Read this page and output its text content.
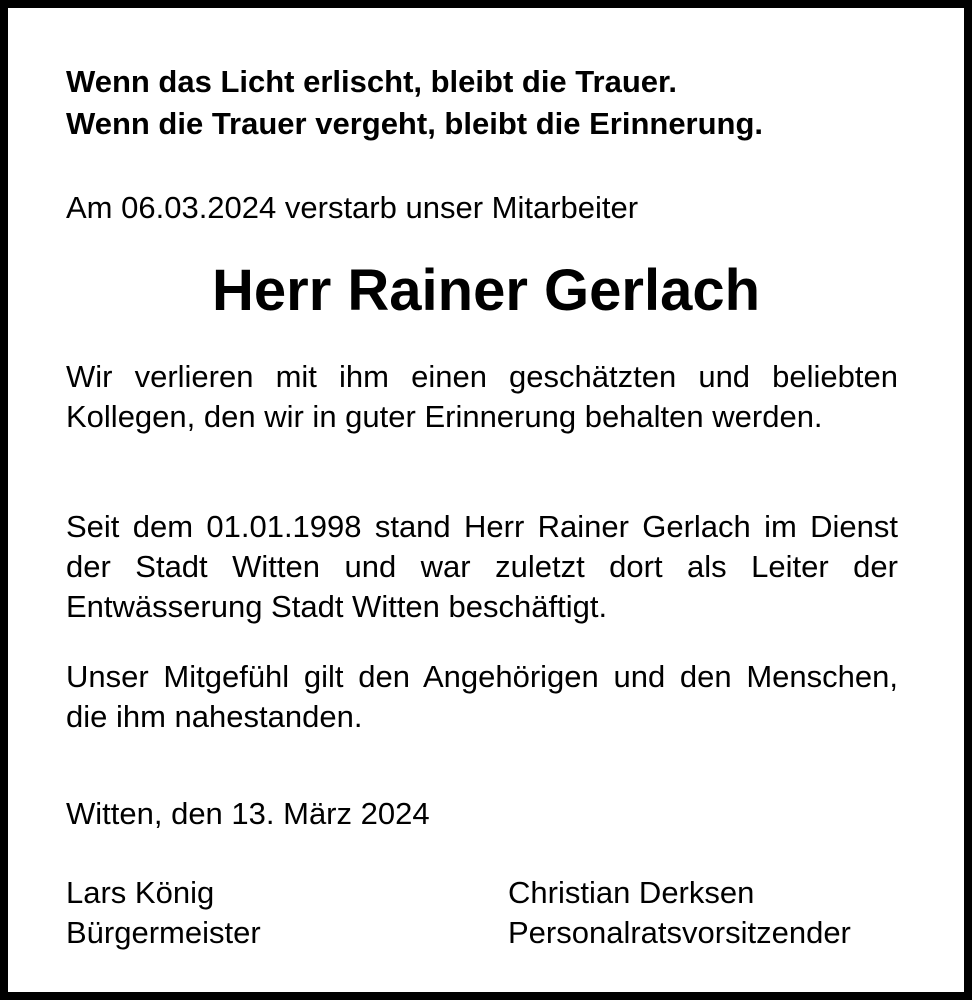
Wenn das Licht erlischt, bleibt die Trauer.
Wenn die Trauer vergeht, bleibt die Erinnerung.
Am 06.03.2024 verstarb unser Mitarbeiter
Herr Rainer Gerlach

Wir verlieren mit ihm einen geschätzten und beliebten Kollegen, den wir in guter Erinnerung behalten werden.

Seit dem 01.01.1998 stand Herr Rainer Gerlach im Dienst der Stadt Witten und war zuletzt dort als Leiter der Entwässerung Stadt Witten beschäftigt.

Unser Mitgefühl gilt den Angehörigen und den Menschen, die ihm nahestanden.

Witten, den 13. März 2024
Lars König
Bürgermeister
Christian Derksen
Personalratsvorsitzender
